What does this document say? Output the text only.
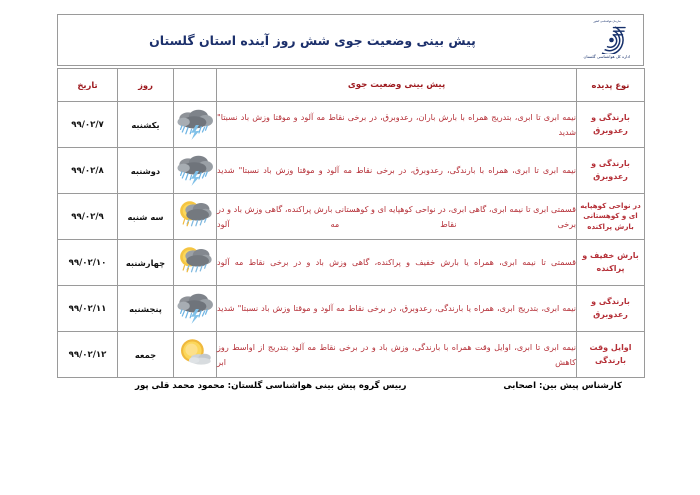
سازمان هواشناسی کشور
اداره کل هواشناسی گلستان
پیش بینی وضعیت جوی شش روز آینده استان گلستان
نوع پدیده	پیش بینی وضعیت جوی		روز	تاریخ
بارندگی و رعدوبرق	نیمه ابری تا ابری، بتدریج همراه با بارش باران، رعدوبرق، در برخی نقاط مه آلود و موقتا وزش باد نسبتا" شدید		یکشنبه	۹۹/۰۲/۷
بارندگی و رعدوبرق	نیمه ابری تا ابری، همراه با بارندگی، رعدوبرق، در برخی نقاط مه آلود و موقتا وزش باد نسبتا" شدید		دوشنبه	۹۹/۰۲/۸
در نواحی کوهپایه ای و کوهستانی بارش پراکنده	قسمتی ابری تا نیمه ابری، گاهی ابری، در نواحی کوهپایه ای و کوهستانی بارش پراکنده، گاهی وزش باد و در برخی نقاط مه آلود		سه شنبه	۹۹/۰۲/۹
بارش خفیف و پراکنده	قسمتی تا نیمه ابری، همراه یا بارش خفیف و پراکنده، گاهی وزش باد و در برخی نقاط مه آلود		چهارشنبه	۹۹/۰۲/۱۰
بارندگی و رعدوبرق	نیمه ابری، بتدریج ابری، همراه یا بارندگی، رعدوبرق، در برخی نقاط مه آلود و موقتا وزش باد نسبتا" شدید		پنجشنبه	۹۹/۰۲/۱۱
اوایل وقت بارندگی	نیمه ابری تا ابری، اوایل وقت همراه با بارندگی، وزش باد و در برخی نقاط مه آلود بتدریج از اواسط روز کاهش ابر		جمعه	۹۹/۰۲/۱۲
کارشناس پیش بین: اصحابی
رییس گروه پیش بینی هواشناسی گلستان: محمود محمد قلی پور
